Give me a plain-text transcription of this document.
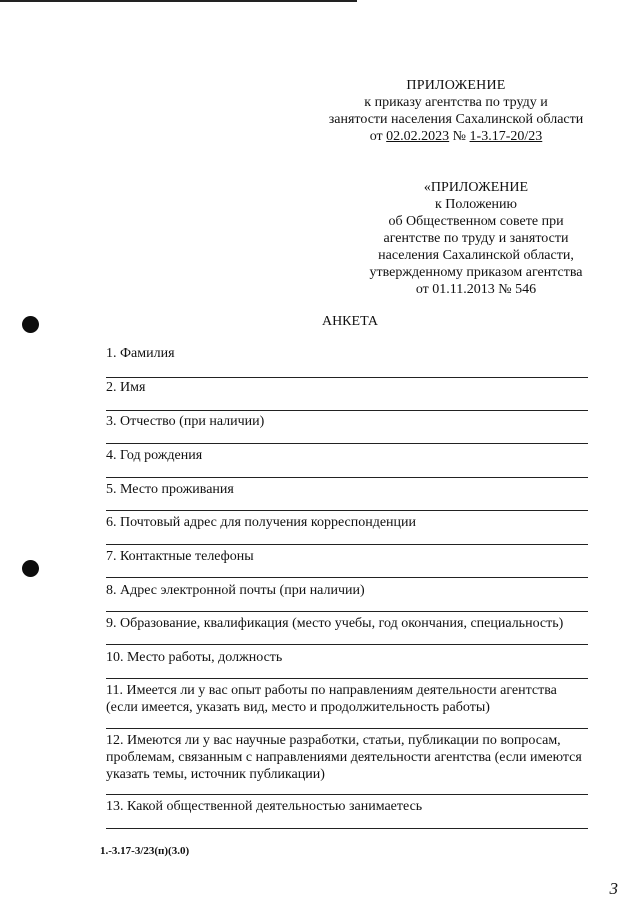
ПРИЛОЖЕНИЕ
к приказу агентства по труду и
занятости населения Сахалинской области
от 02.02.2023 № 1-3.17-20/23
«ПРИЛОЖЕНИЕ
к Положению
об Общественном совете при
агентстве по труду и занятости
населения Сахалинской области,
утвержденному приказом агентства
от 01.11.2013 № 546
АНКЕТА
1. Фамилия
2. Имя
3. Отчество (при наличии)
4. Год рождения
5. Место проживания
6. Почтовый адрес для получения корреспонденции
7. Контактные телефоны
8. Адрес электронной почты (при наличии)
9. Образование, квалификация (место учебы, год окончания, специальность)
10. Место работы, должность
11. Имеется ли у вас опыт работы по направлениям деятельности агентства (если имеется, указать вид, место и продолжительность работы)
12. Имеются ли у вас научные разработки, статьи, публикации по вопросам, проблемам, связанным с направлениями деятельности агентства (если имеются указать темы, источник публикации)
13. Какой общественной деятельностью занимаетесь
1.-3.17-3/23(п)(3.0)
3
